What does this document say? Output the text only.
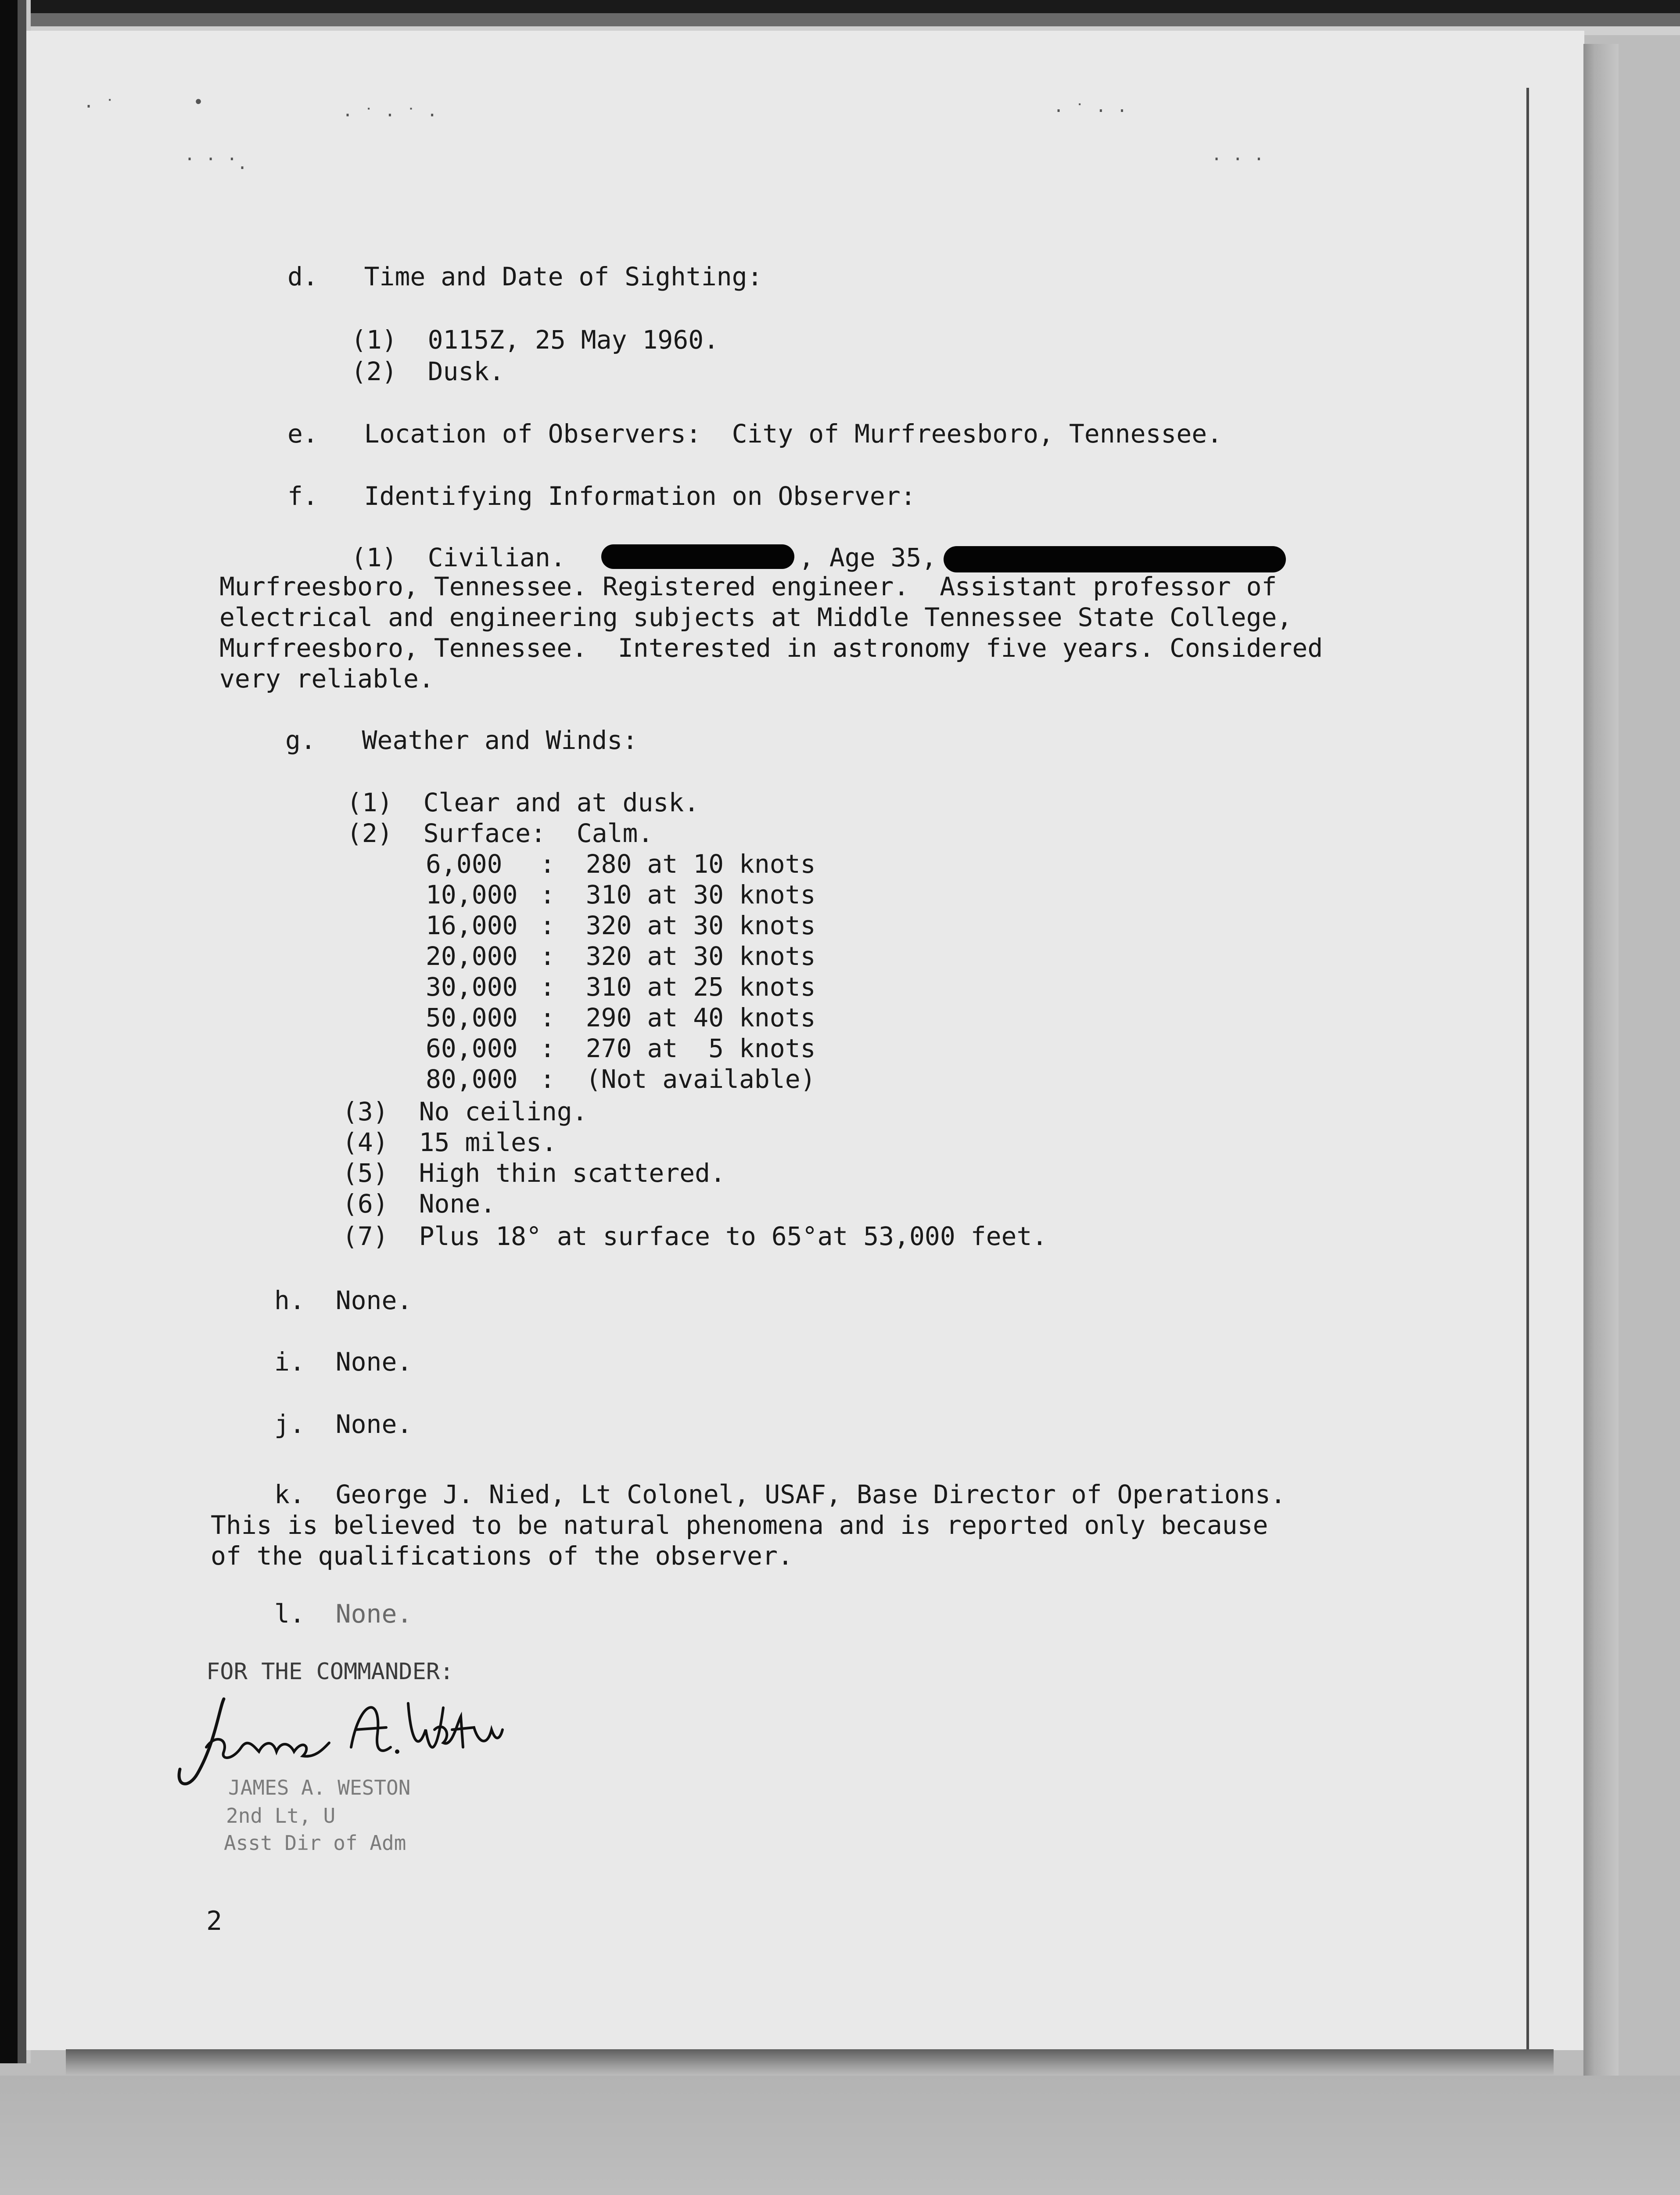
· ˙	•
· · · ·
· ˙ · ˙ ·	· ˙ · ·
· · ·
d. Time and Date of Sighting:
(1) 0115Z, 25 May 1960.
(2) Dusk.
e. Location of Observers: City of Murfreesboro, Tennessee.
f. Identifying Information on Observer:
(1) Civilian.	, Age 35,
Murfreesboro, Tennessee. Registered engineer.  Assistant professor of
electrical and engineering subjects at Middle Tennessee State College,
Murfreesboro, Tennessee.  Interested in astronomy five years. Considered
very reliable.
g. Weather and Winds:
(1) Clear and at dusk.
(2) Surface:  Calm.
6,000 : 280 at 10 knots
10,000 : 310 at 30 knots
16,000 : 320 at 30 knots
20,000 : 320 at 30 knots
30,000 : 310 at 25 knots
50,000 : 290 at 40 knots
60,000 : 270 at  5 knots
80,000 : (Not available)
(3) No ceiling.
(4) 15 miles.
(5) High thin scattered.
(6) None.
(7) Plus 18° at surface to 65°at 53,000 feet.
h. None.
i. None.
j. None.
k. George J. Nied, Lt Colonel, USAF, Base Director of Operations.
This is believed to be natural phenomena and is reported only because
of the qualifications of the observer.
l. None.
FOR THE COMMANDER:
JAMES A. WESTON
2nd Lt, U
Asst Dir of Adm
2
